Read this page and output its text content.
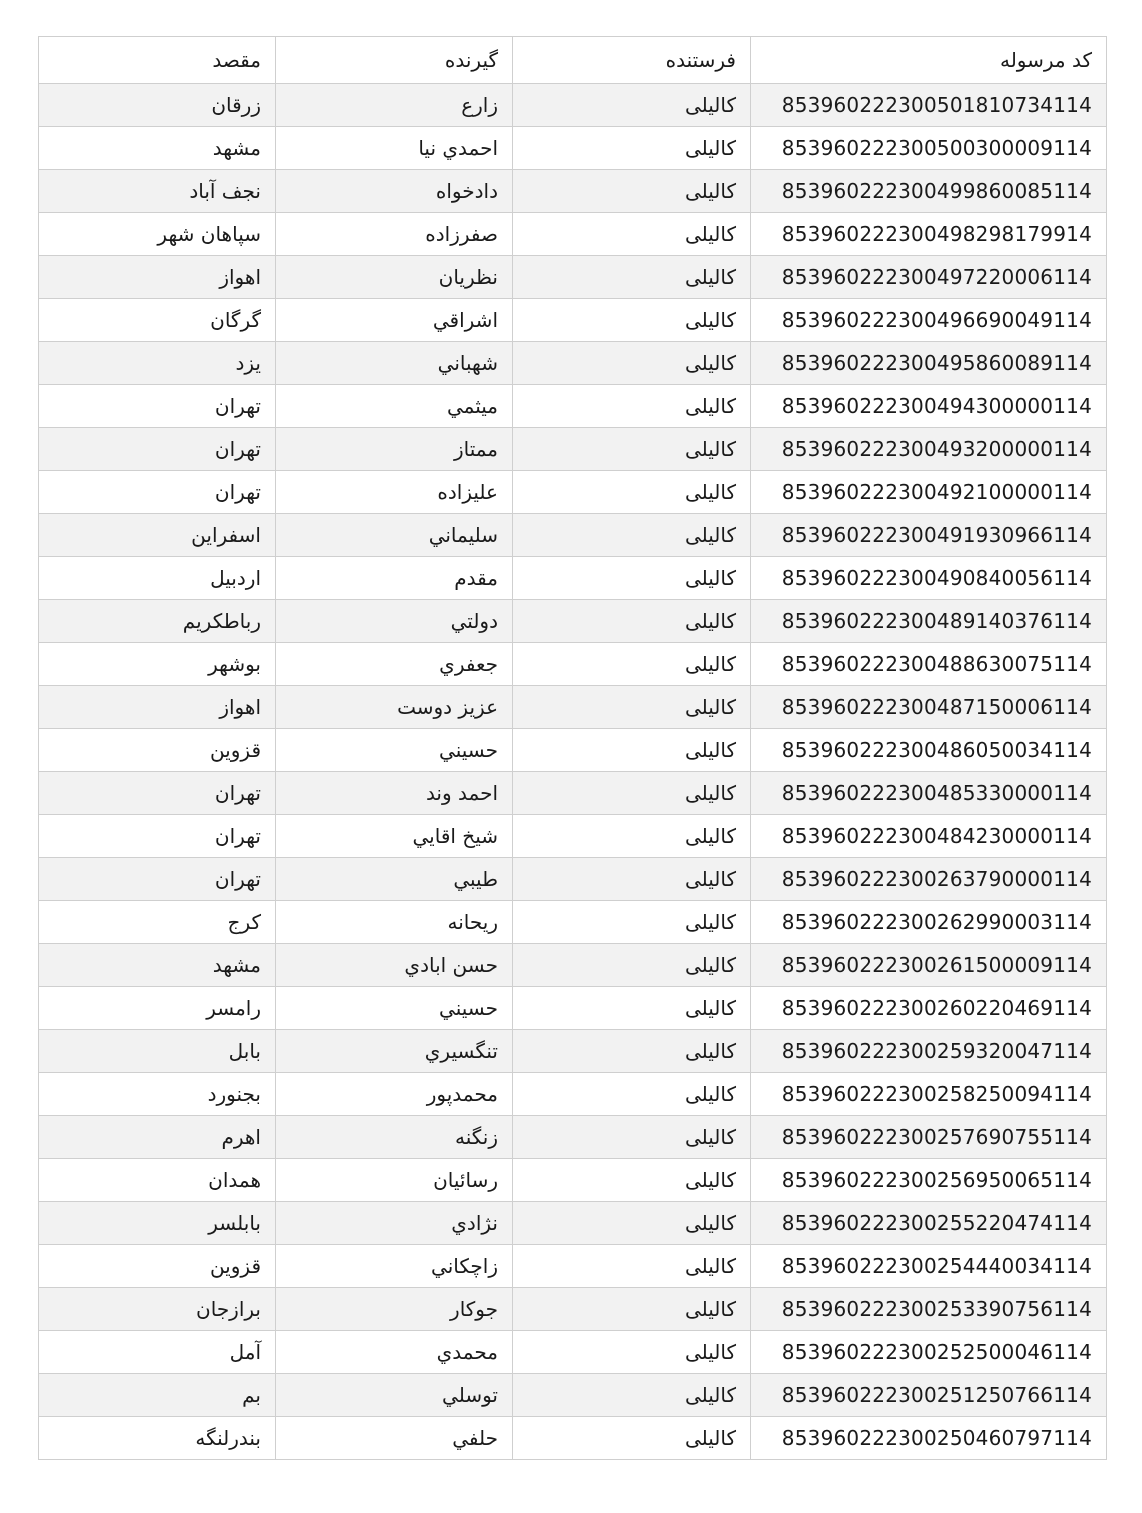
کد مرسوله	فرستنده	گیرنده	مقصد
853960222300501810734114	کالیلی	زارع	زرقان
853960222300500300009114	کالیلی	احمدي نيا	مشهد
853960222300499860085114	کالیلی	دادخواه	نجف آباد
853960222300498298179914	کالیلی	صفرزاده	سپاهان شهر
853960222300497220006114	کالیلی	نظريان	اهواز
853960222300496690049114	کالیلی	اشراقي	گرگان
853960222300495860089114	کالیلی	شهباني	يزد
853960222300494300000114	کالیلی	ميثمي	تهران
853960222300493200000114	کالیلی	ممتاز	تهران
853960222300492100000114	کالیلی	عليزاده	تهران
853960222300491930966114	کالیلی	سليماني	اسفراين
853960222300490840056114	کالیلی	مقدم	اردبيل
853960222300489140376114	کالیلی	دولتي	رباطكريم
853960222300488630075114	کالیلی	جعفري	بوشهر
853960222300487150006114	کالیلی	عزيز دوست	اهواز
853960222300486050034114	کالیلی	حسيني	قزوين
853960222300485330000114	کالیلی	احمد وند	تهران
853960222300484230000114	کالیلی	شيخ اقايي	تهران
853960222300263790000114	کالیلی	طيبي	تهران
853960222300262990003114	کالیلی	ريحانه	كرج
853960222300261500009114	کالیلی	حسن ابادي	مشهد
853960222300260220469114	کالیلی	حسيني	رامسر
853960222300259320047114	کالیلی	تنگسيري	بابل
853960222300258250094114	کالیلی	محمدپور	بجنورد
853960222300257690755114	کالیلی	زنگنه	اهرم
853960222300256950065114	کالیلی	رسائيان	همدان
853960222300255220474114	کالیلی	نژادي	بابلسر
853960222300254440034114	کالیلی	زاچكاني	قزوين
853960222300253390756114	کالیلی	جوكار	برازجان
853960222300252500046114	کالیلی	محمدي	آمل
853960222300251250766114	کالیلی	توسلي	بم
853960222300250460797114	کالیلی	حلفي	بندرلنگه
